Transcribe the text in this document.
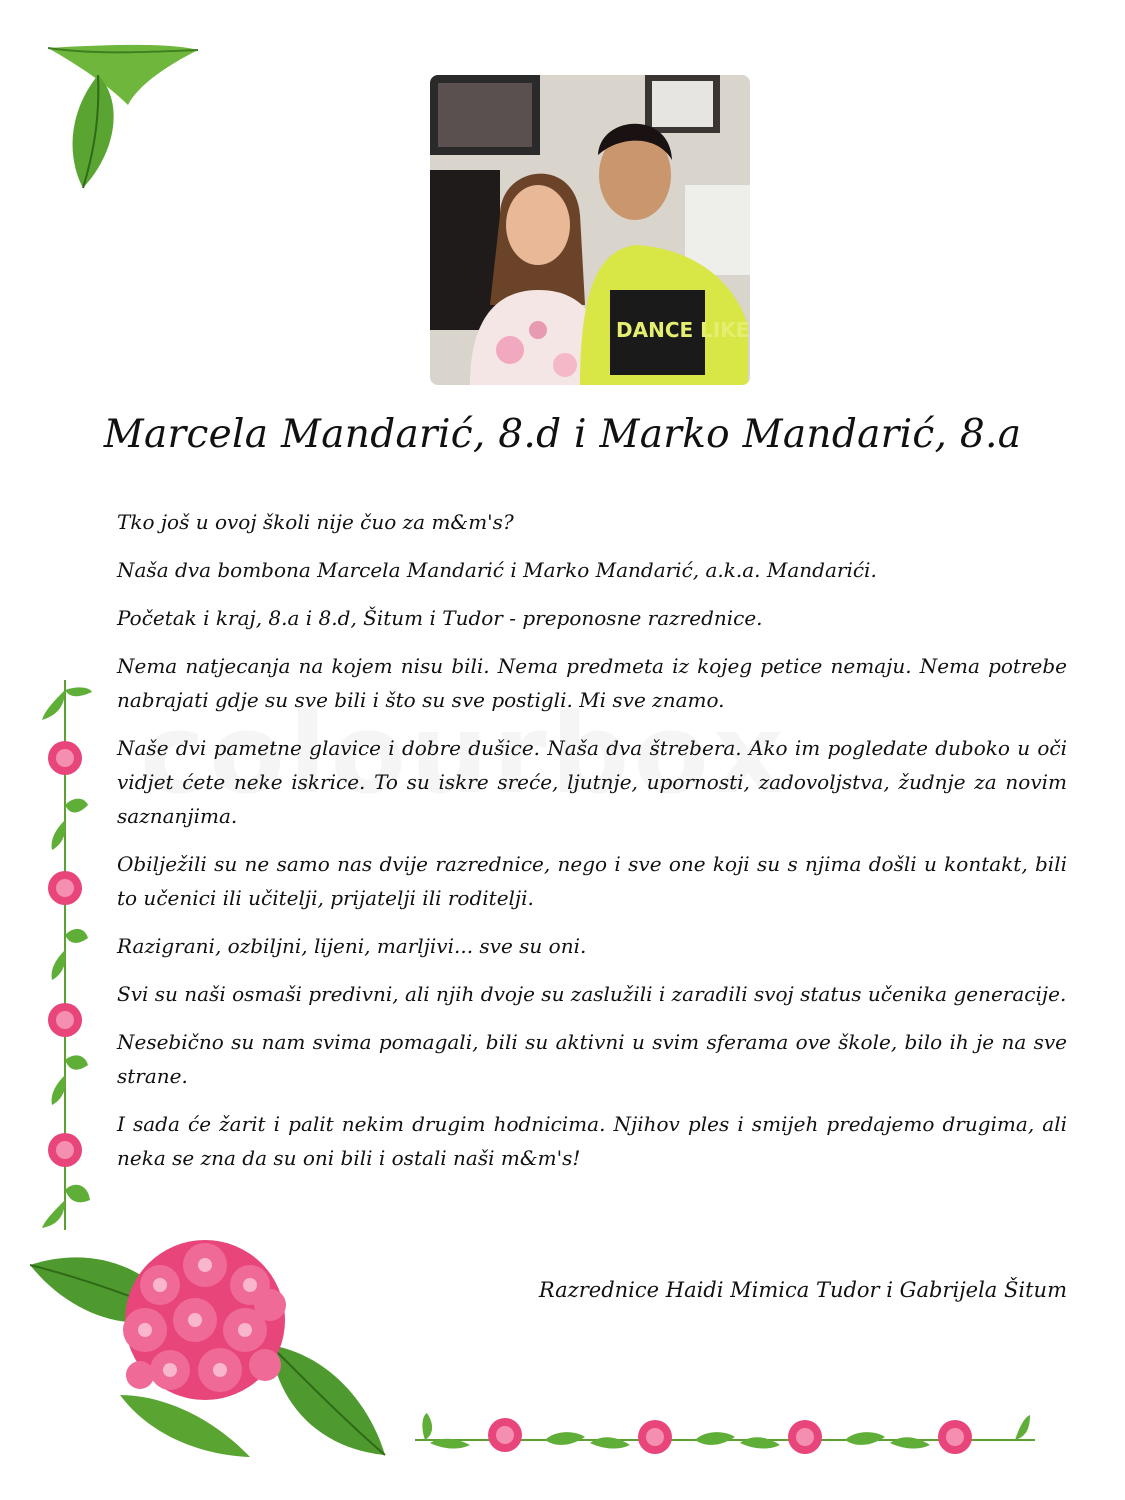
DANCE LIKE
Marcela Mandarić, 8.d i Marko Mandarić, 8.a

Tko još u ovoj školi nije čuo za m&m's?

Naša dva bombona Marcela Mandarić i Marko Mandarić, a.k.a. Mandarići.

Početak i kraj, 8.a i 8.d, Šitum i Tudor - preponosne razrednice.

Nema natjecanja na kojem nisu bili. Nema predmeta iz kojeg petice nemaju. Nema potrebe nabrajati gdje su sve bili i što su sve postigli. Mi sve znamo.

Naše dvi pametne glavice i dobre dušice. Naša dva štrebera. Ako im pogledate duboko u oči vidjet ćete neke iskrice. To su iskre sreće, ljutnje, upornosti, zadovoljstva, žudnje za novim saznanjima.

Obilježili su ne samo nas dvije razrednice, nego i sve one koji su s njima došli u kontakt, bili to učenici ili učitelji, prijatelji ili roditelji.

Razigrani, ozbiljni, lijeni, marljivi... sve su oni.

Svi su naši osmaši predivni, ali njih dvoje su zaslužili i zaradili svoj status učenika generacije.

Nesebično su nam svima pomagali, bili su aktivni u svim sferama ove škole, bilo ih je na sve strane.

I sada će žarit i palit nekim drugim hodnicima. Njihov ples i smijeh predajemo drugima, ali neka se zna da su oni bili i ostali naši m&m's!

Razrednice Haidi Mimica Tudor i Gabrijela Šitum
